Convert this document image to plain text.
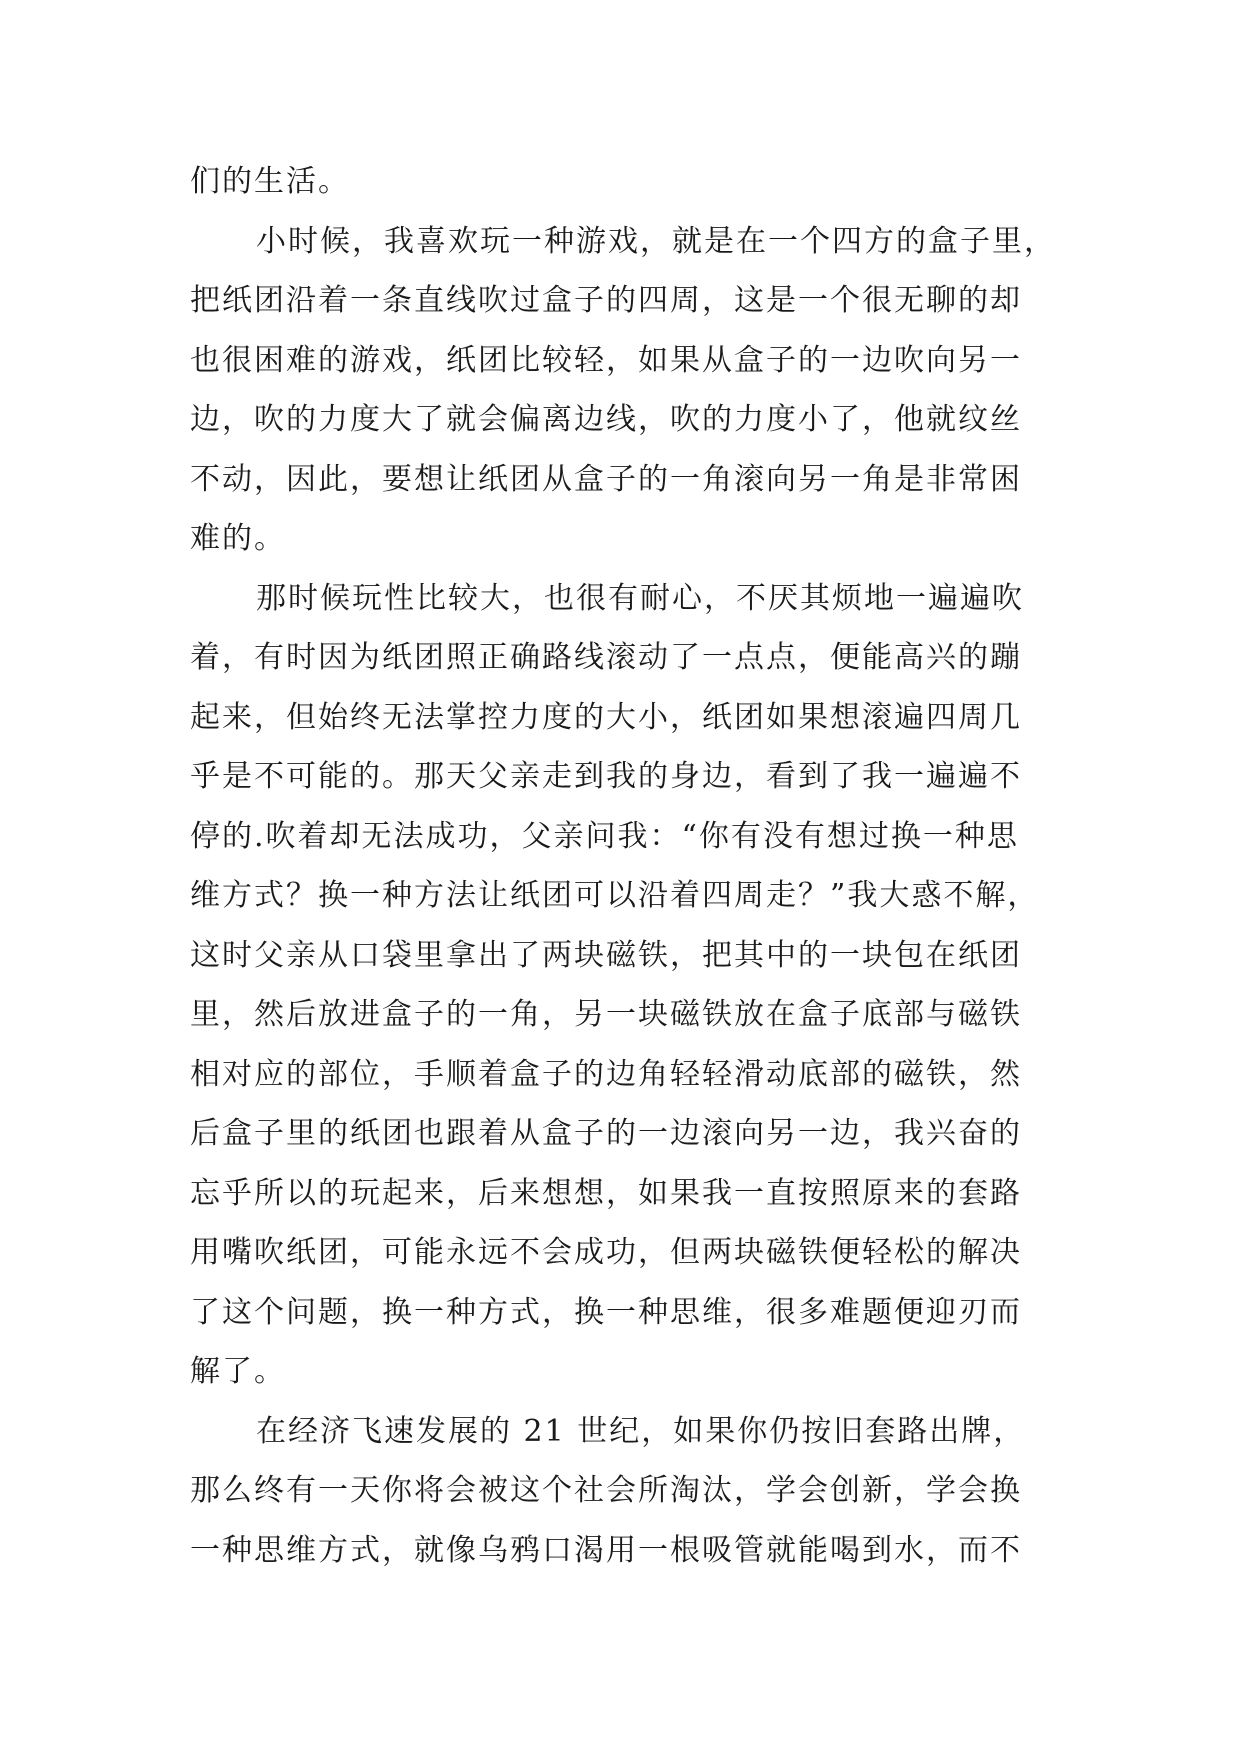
们的生活。
小时候，我喜欢玩一种游戏，就是在一个四方的盒子里，
把纸团沿着一条直线吹过盒子的四周，这是一个很无聊的却
也很困难的游戏，纸团比较轻，如果从盒子的一边吹向另一
边，吹的力度大了就会偏离边线，吹的力度小了，他就纹丝
不动，因此，要想让纸团从盒子的一角滚向另一角是非常困
难的。
那时候玩性比较大，也很有耐心，不厌其烦地一遍遍吹
着，有时因为纸团照正确路线滚动了一点点，便能高兴的蹦
起来，但始终无法掌控力度的大小，纸团如果想滚遍四周几
乎是不可能的。那天父亲走到我的身边，看到了我一遍遍不
停的.吹着却无法成功，父亲问我：“你有没有想过换一种思
维方式？换一种方法让纸团可以沿着四周走？”我大惑不解，
这时父亲从口袋里拿出了两块磁铁，把其中的一块包在纸团
里，然后放进盒子的一角，另一块磁铁放在盒子底部与磁铁
相对应的部位，手顺着盒子的边角轻轻滑动底部的磁铁，然
后盒子里的纸团也跟着从盒子的一边滚向另一边，我兴奋的
忘乎所以的玩起来，后来想想，如果我一直按照原来的套路
用嘴吹纸团，可能永远不会成功，但两块磁铁便轻松的解决
了这个问题，换一种方式，换一种思维，很多难题便迎刃而
解了。
在经济飞速发展的 21 世纪，如果你仍按旧套路出牌，
那么终有一天你将会被这个社会所淘汰，学会创新，学会换
一种思维方式，就像乌鸦口渴用一根吸管就能喝到水，而不
